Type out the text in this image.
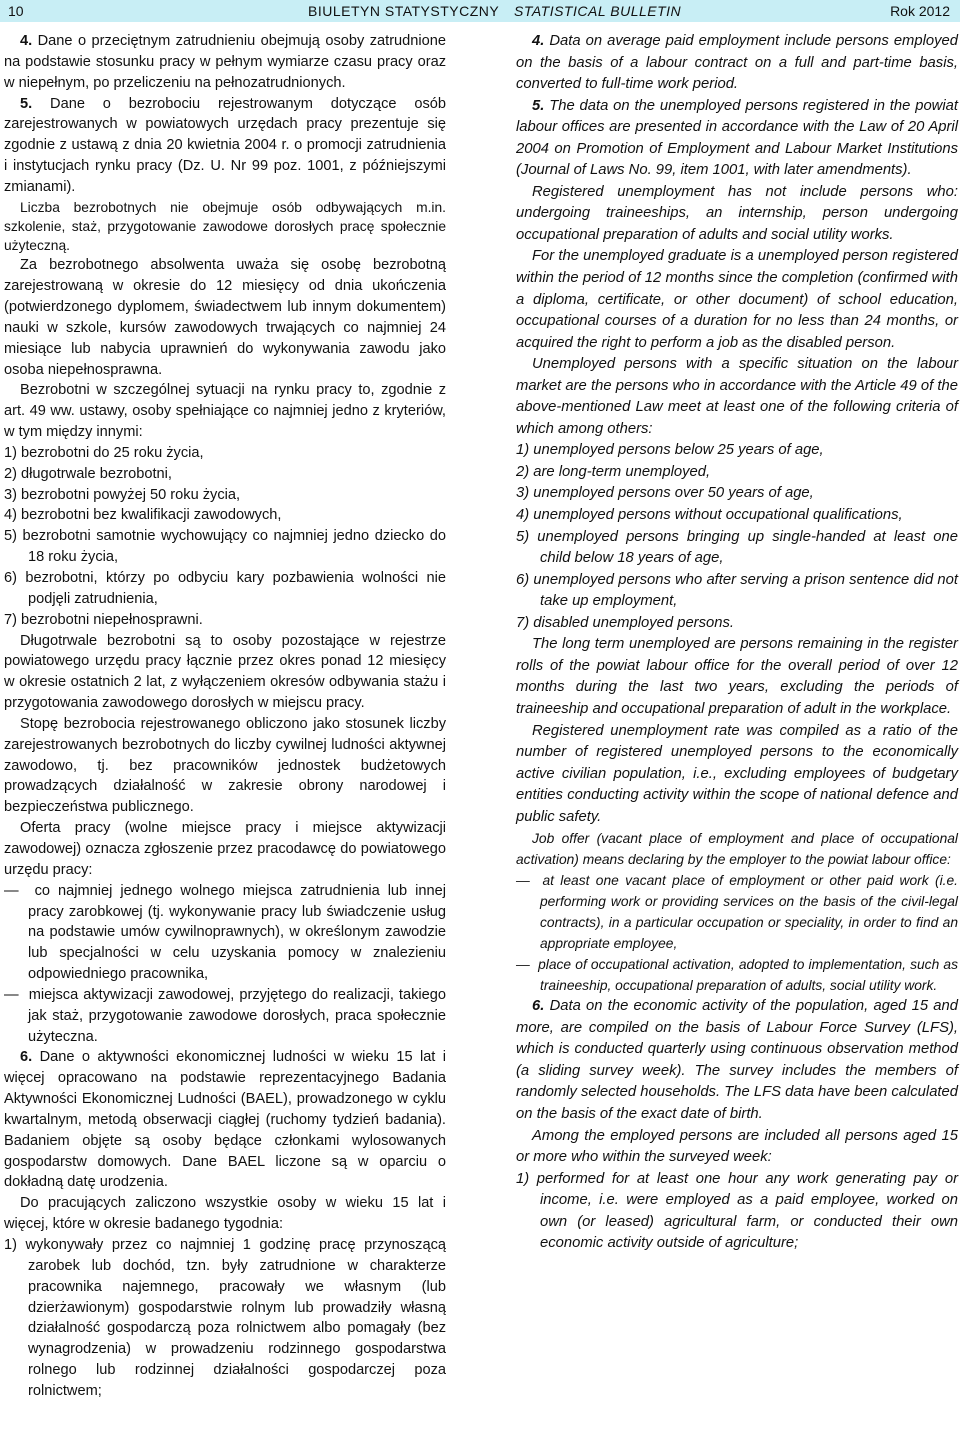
10	BIULETYN STATYSTYCZNY STATISTICAL BULLETIN	Rok 2012

4. Dane o przeciętnym zatrudnieniu obejmują osoby zatrudnione na podstawie stosunku pracy w pełnym wymiarze czasu pracy oraz w niepełnym, po przeliczeniu na pełnozatrudnionych.

5. Dane o bezrobociu rejestrowanym dotyczące osób zarejestrowanych w powiatowych urzędach pracy prezentuje się zgodnie z ustawą z dnia 20 kwietnia 2004 r. o promocji zatrudnienia i instytucjach rynku pracy (Dz. U. Nr 99 poz. 1001, z późniejszymi zmianami).

Liczba bezrobotnych nie obejmuje osób odbywających m.in. szkolenie, staż, przygotowanie zawodowe dorosłych pracę społecznie użyteczną.

Za bezrobotnego absolwenta uważa się osobę bezrobotną zarejestrowaną w okresie do 12 miesięcy od dnia ukończenia (potwierdzonego dyplomem, świadectwem lub innym dokumentem) nauki w szkole, kursów zawodowych trwających co najmniej 24 miesiące lub nabycia uprawnień do wykonywania zawodu jako osoba niepełnosprawna.

Bezrobotni w szczególnej sytuacji na rynku pracy to, zgodnie z art. 49 ww. ustawy, osoby spełniające co najmniej jedno z kryteriów, w tym między innymi:

1) bezrobotni do 25 roku życia,

2) długotrwale bezrobotni,

3) bezrobotni powyżej 50 roku życia,

4) bezrobotni bez kwalifikacji zawodowych,

5) bezrobotni samotnie wychowujący co najmniej jedno dziecko do 18 roku życia,

6) bezrobotni, którzy po odbyciu kary pozbawienia wolności nie podjęli zatrudnienia,

7) bezrobotni niepełnosprawni.

Długotrwale bezrobotni są to osoby pozostające w rejestrze powiatowego urzędu pracy łącznie przez okres ponad 12 miesięcy w okresie ostatnich 2 lat, z wyłączeniem okresów odbywania stażu i przygotowania zawodowego dorosłych w miejscu pracy.

Stopę bezrobocia rejestrowanego obliczono jako stosunek liczby zarejestrowanych bezrobotnych do liczby cywilnej ludności aktywnej zawodowo, tj. bez pracowników jednostek budżetowych prowadzących działalność w zakresie obrony narodowej i bezpieczeństwa publicznego.

Oferta pracy (wolne miejsce pracy i miejsce aktywizacji zawodowej) oznacza zgłoszenie przez pracodawcę do powiatowego urzędu pracy:

—  co najmniej jednego wolnego miejsca zatrudnienia lub innej pracy zarobkowej (tj. wykonywanie pracy lub świadczenie usług na podstawie umów cywilnoprawnych), w określonym zawodzie lub specjalności w celu uzyskania pomocy w znalezieniu odpowiedniego pracownika,

—  miejsca aktywizacji zawodowej, przyjętego do realizacji, takiego jak staż, przygotowanie zawodowe dorosłych, praca społecznie użyteczna.

6. Dane o aktywności ekonomicznej ludności w wieku 15 lat i więcej opracowano na podstawie reprezentacyjnego Badania Aktywności Ekonomicznej Ludności (BAEL), prowadzonego w cyklu kwartalnym, metodą obserwacji ciągłej (ruchomy tydzień badania). Badaniem objęte są osoby będące członkami wylosowanych gospodarstw domowych. Dane BAEL liczone są w oparciu o dokładną datę urodzenia.

Do pracujących zaliczono wszystkie osoby w wieku 15 lat i więcej, które w okresie badanego tygodnia:

1) wykonywały przez co najmniej 1 godzinę pracę przynoszącą zarobek lub dochód, tzn. były zatrudnione w charakterze pracownika najemnego, pracowały we własnym (lub dzierżawionym) gospodarstwie rolnym lub prowadziły własną działalność gospodarczą poza rolnictwem albo pomagały (bez wynagrodzenia) w prowadzeniu rodzinnego gospodarstwa rolnego lub rodzinnej działalności gospodarczej poza rolnictwem;

4. Data on average paid employment include persons employed on the basis of a labour contract on a full and part-time basis, converted to full-time work period.

5. The data on the unemployed persons registered in the powiat labour offices are presented in accordance with the Law of 20 April 2004 on Promotion of Employment and Labour Market Institutions (Journal of Laws No. 99, item 1001, with later amendments).

Registered unemployment has not include persons who: undergoing traineeships, an internship, person undergoing occupational preparation of adults and social utility works.

For the unemployed graduate is a unemployed person registered within the period of 12 months since the completion (confirmed with a diploma, certificate, or other document) of school education, occupational courses of a duration for no less than 24 months, or acquired the right to perform a job as the disabled person.

Unemployed persons with a specific situation on the labour market are the persons who in accordance with the Article 49 of the above-mentioned Law meet at least one of the following criteria of which among others:

1) unemployed persons below 25 years of age,

2) are long-term unemployed,

3) unemployed persons over 50 years of age,

4) unemployed persons without occupational qualifications,

5) unemployed persons bringing up single-handed at least one child below 18 years of age,

6) unemployed persons who after serving a prison sentence did not take up employment,

7) disabled unemployed persons.

The long term unemployed are persons remaining in the register rolls of the powiat labour office for the overall period of over 12 months during the last two years, excluding the periods of traineeship and occupational preparation of adult in the workplace.

Registered unemployment rate was compiled as a ratio of the number of registered unemployed persons to the economically active civilian population, i.e., excluding employees of budgetary entities conducting activity within the scope of national defence and public safety.

Job offer (vacant place of employment and place of occupational activation) means declaring by the employer to the powiat labour office:

—  at least one vacant place of employment or other paid work (i.e. performing work or providing services on the basis of the civil-legal contracts), in a particular occupation or speciality, in order to find an appropriate employee,

—  place of occupational activation, adopted to implementation, such as traineeship, occupational preparation of adults, social utility work.

6. Data on the economic activity of the population, aged 15 and more, are compiled on the basis of Labour Force Survey (LFS), which is conducted quarterly using continuous observation method (a sliding survey week). The survey includes the members of randomly selected households. The LFS data have been calculated on the basis of the exact date of birth.

Among the employed persons are included all persons aged 15 or more who within the surveyed week:

1) performed for at least one hour any work generating pay or income, i.e. were employed as a paid employee, worked on own (or leased) agricultural farm, or conducted their own economic activity outside of agriculture;
